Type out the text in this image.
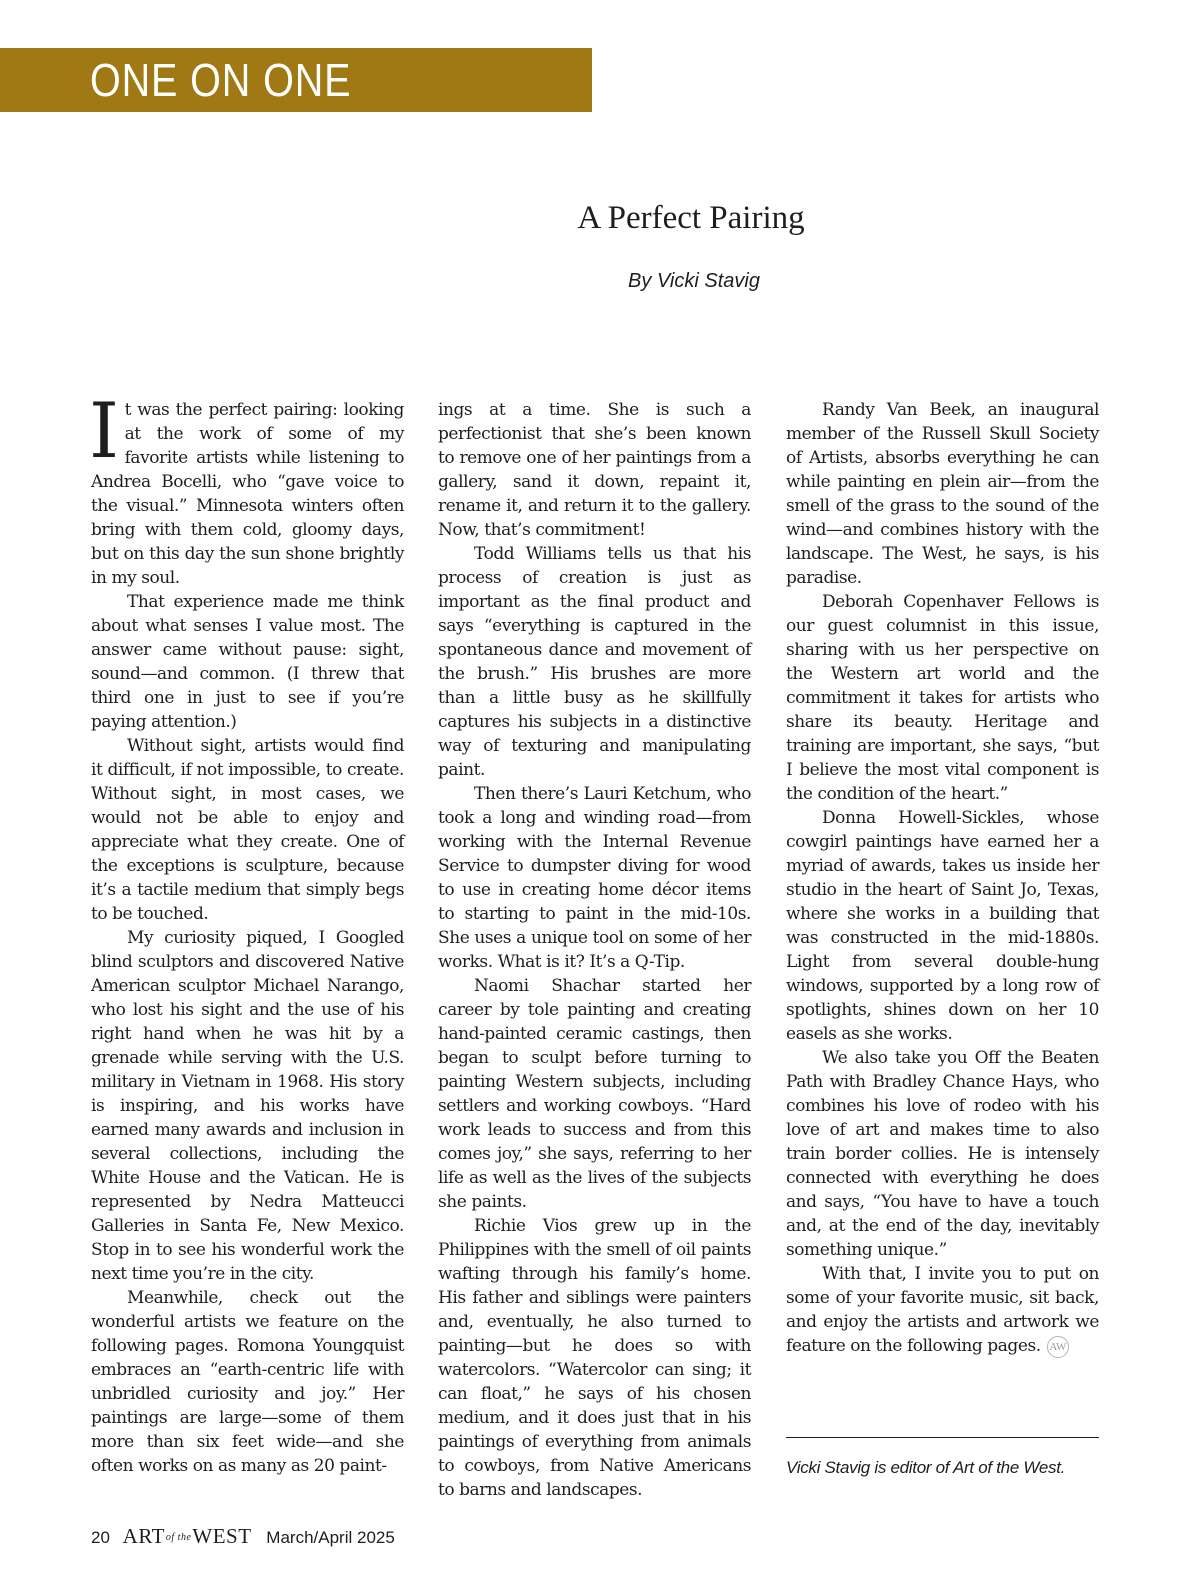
ONE ON ONE
A Perfect Pairing

By Vicki Stavig

It was the perfect pairing: looking at the work of some of my favorite artists while listening to Andrea Bocelli, who “gave voice to the visual.” Minnesota winters often bring with them cold, gloomy days, but on this day the sun shone brightly in my soul.

That experience made me think about what senses I value most. The answer came without pause: sight, sound—and common. (I threw that third one in just to see if you’re paying attention.)

Without sight, artists would find it difficult, if not impossible, to create. Without sight, in most cases, we would not be able to enjoy and appreciate what they create. One of the exceptions is sculpture, because it’s a tactile medium that simply begs to be touched.

My curiosity piqued, I Googled blind sculptors and discovered Native American sculptor Michael Narango, who lost his sight and the use of his right hand when he was hit by a grenade while serving with the U.S. military in Vietnam in 1968. His story is inspiring, and his works have earned many awards and inclusion in several collections, including the White House and the Vatican. He is represented by Nedra Matteucci Galleries in Santa Fe, New Mexico. Stop in to see his wonderful work the next time you’re in the city.

Meanwhile, check out the wonderful artists we feature on the following pages. Romona Youngquist embraces an “earth-centric life with unbridled curiosity and joy.” Her paintings are large—some of them more than six feet wide—and she often works on as many as 20 paint-

ings at a time. She is such a perfectionist that she’s been known to remove one of her paintings from a gallery, sand it down, repaint it, rename it, and return it to the gallery. Now, that’s commitment!

Todd Williams tells us that his process of creation is just as important as the final product and says “everything is captured in the spontaneous dance and movement of the brush.” His brushes are more than a little busy as he skillfully captures his subjects in a distinctive way of texturing and manipulating paint.

Then there’s Lauri Ketchum, who took a long and winding road—from working with the Internal Revenue Service to dumpster diving for wood to use in creating home décor items to starting to paint in the mid-10s. She uses a unique tool on some of her works. What is it? It’s a Q-Tip.

Naomi Shachar started her career by tole painting and creating hand-painted ceramic castings, then began to sculpt before turning to painting Western subjects, including settlers and working cowboys. “Hard work leads to success and from this comes joy,” she says, referring to her life as well as the lives of the subjects she paints.

Richie Vios grew up in the Philippines with the smell of oil paints wafting through his family’s home. His father and siblings were painters and, eventually, he also turned to painting—but he does so with watercolors. “Watercolor can sing; it can float,” he says of his chosen medium, and it does just that in his paintings of everything from animals to cowboys, from Native Americans to barns and landscapes.

Randy Van Beek, an inaugural member of the Russell Skull Society of Artists, absorbs everything he can while painting en plein air—from the smell of the grass to the sound of the wind—and combines history with the landscape. The West, he says, is his paradise.

Deborah Copenhaver Fellows is our guest columnist in this issue, sharing with us her perspective on the Western art world and the commitment it takes for artists who share its beauty. Heritage and training are important, she says, “but I believe the most vital component is the condition of the heart.”

Donna Howell-Sickles, whose cowgirl paintings have earned her a myriad of awards, takes us inside her studio in the heart of Saint Jo, Texas, where she works in a building that was constructed in the mid-1880s. Light from several double-hung windows, supported by a long row of spotlights, shines down on her 10 easels as she works.

We also take you Off the Beaten Path with Bradley Chance Hays, who combines his love of rodeo with his love of art and makes time to also train border collies. He is intensely connected with everything he does and says, “You have to have a touch and, at the end of the day, inevitably something unique.”

With that, I invite you to put on some of your favorite music, sit back, and enjoy the artists and artwork we feature on the following pages. AW

Vicki Stavig is editor of Art of the West.

20 ARTof theWEST March/April 2025
